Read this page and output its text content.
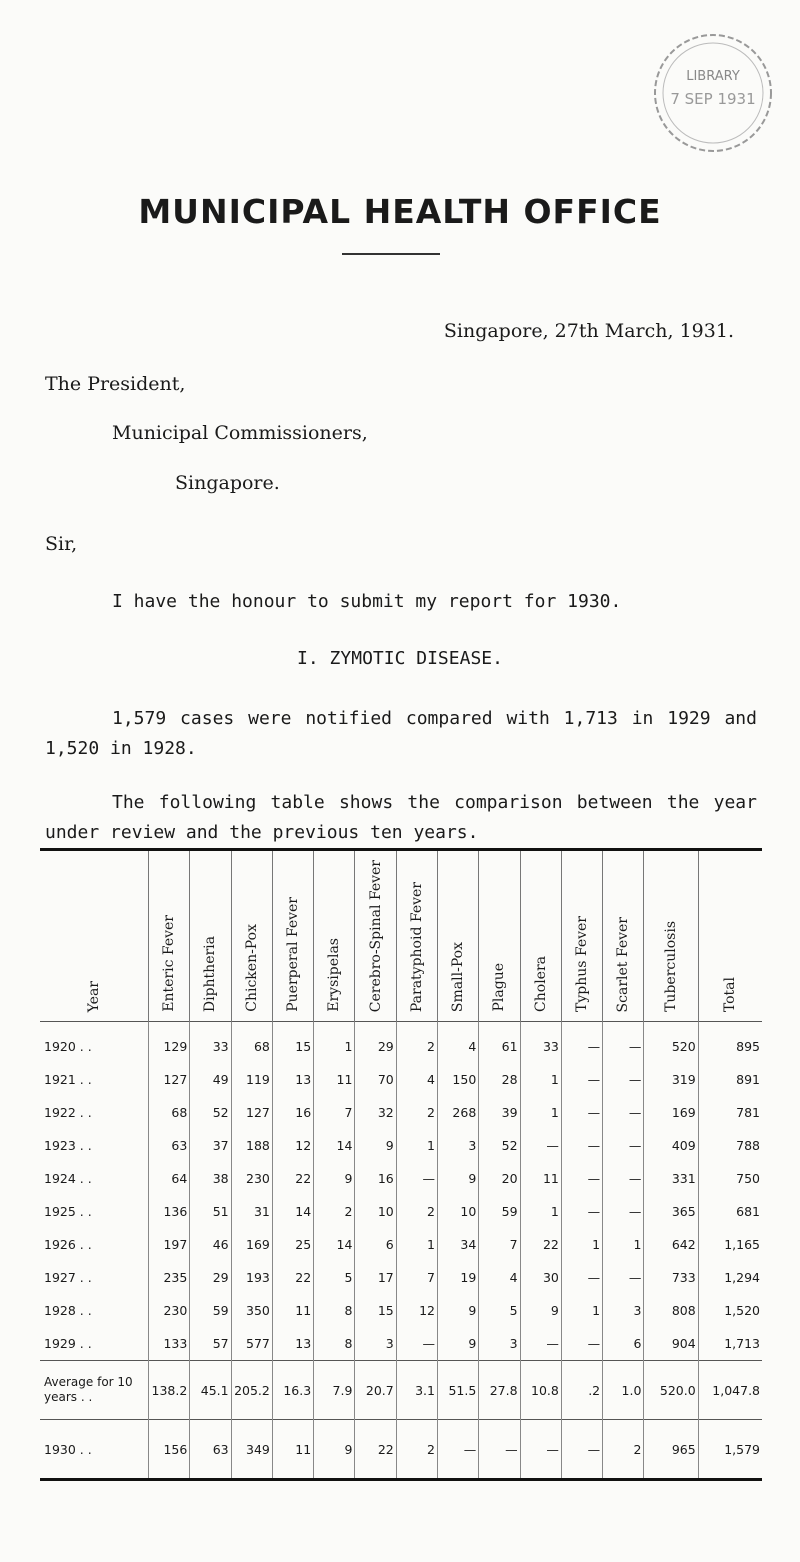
LIBRARY
7 SEP 1931
MUNICIPAL HEALTH OFFICE
Singapore, 27th March, 1931.
The President,
Municipal Commissioners,
Singapore.
Sir,
I have the honour to submit my report for 1930.
I. ZYMOTIC DISEASE.
1,579 cases were notified compared with 1,713 in 1929 and 1,520 in 1928.
The following table shows the comparison between the year under review and the previous ten years.
Year	Enteric Fever	Diphtheria	Chicken-Pox	Puerperal Fever	Erysipelas	Cerebro-Spinal Fever	Paratyphoid Fever	Small-Pox	Plague	Cholera	Typhus Fever	Scarlet Fever	Tuberculosis	Total
1920 . .	129	33	68	15	1	29	2	4	61	33	—	—	520	895
1921 . .	127	49	119	13	11	70	4	150	28	1	—	—	319	891
1922 . .	68	52	127	16	7	32	2	268	39	1	—	—	169	781
1923 . .	63	37	188	12	14	9	1	3	52	—	—	—	409	788
1924 . .	64	38	230	22	9	16	—	9	20	11	—	—	331	750
1925 . .	136	51	31	14	2	10	2	10	59	1	—	—	365	681
1926 . .	197	46	169	25	14	6	1	34	7	22	1	1	642	1,165
1927 . .	235	29	193	22	5	17	7	19	4	30	—	—	733	1,294
1928 . .	230	59	350	11	8	15	12	9	5	9	1	3	808	1,520
1929 . .	133	57	577	13	8	3	—	9	3	—	—	6	904	1,713
Average for 10 years . .	138.2	45.1	205.2	16.3	7.9	20.7	3.1	51.5	27.8	10.8	.2	1.0	520.0	1,047.8
1930 . .	156	63	349	11	9	22	2	—	—	—	—	2	965	1,579
